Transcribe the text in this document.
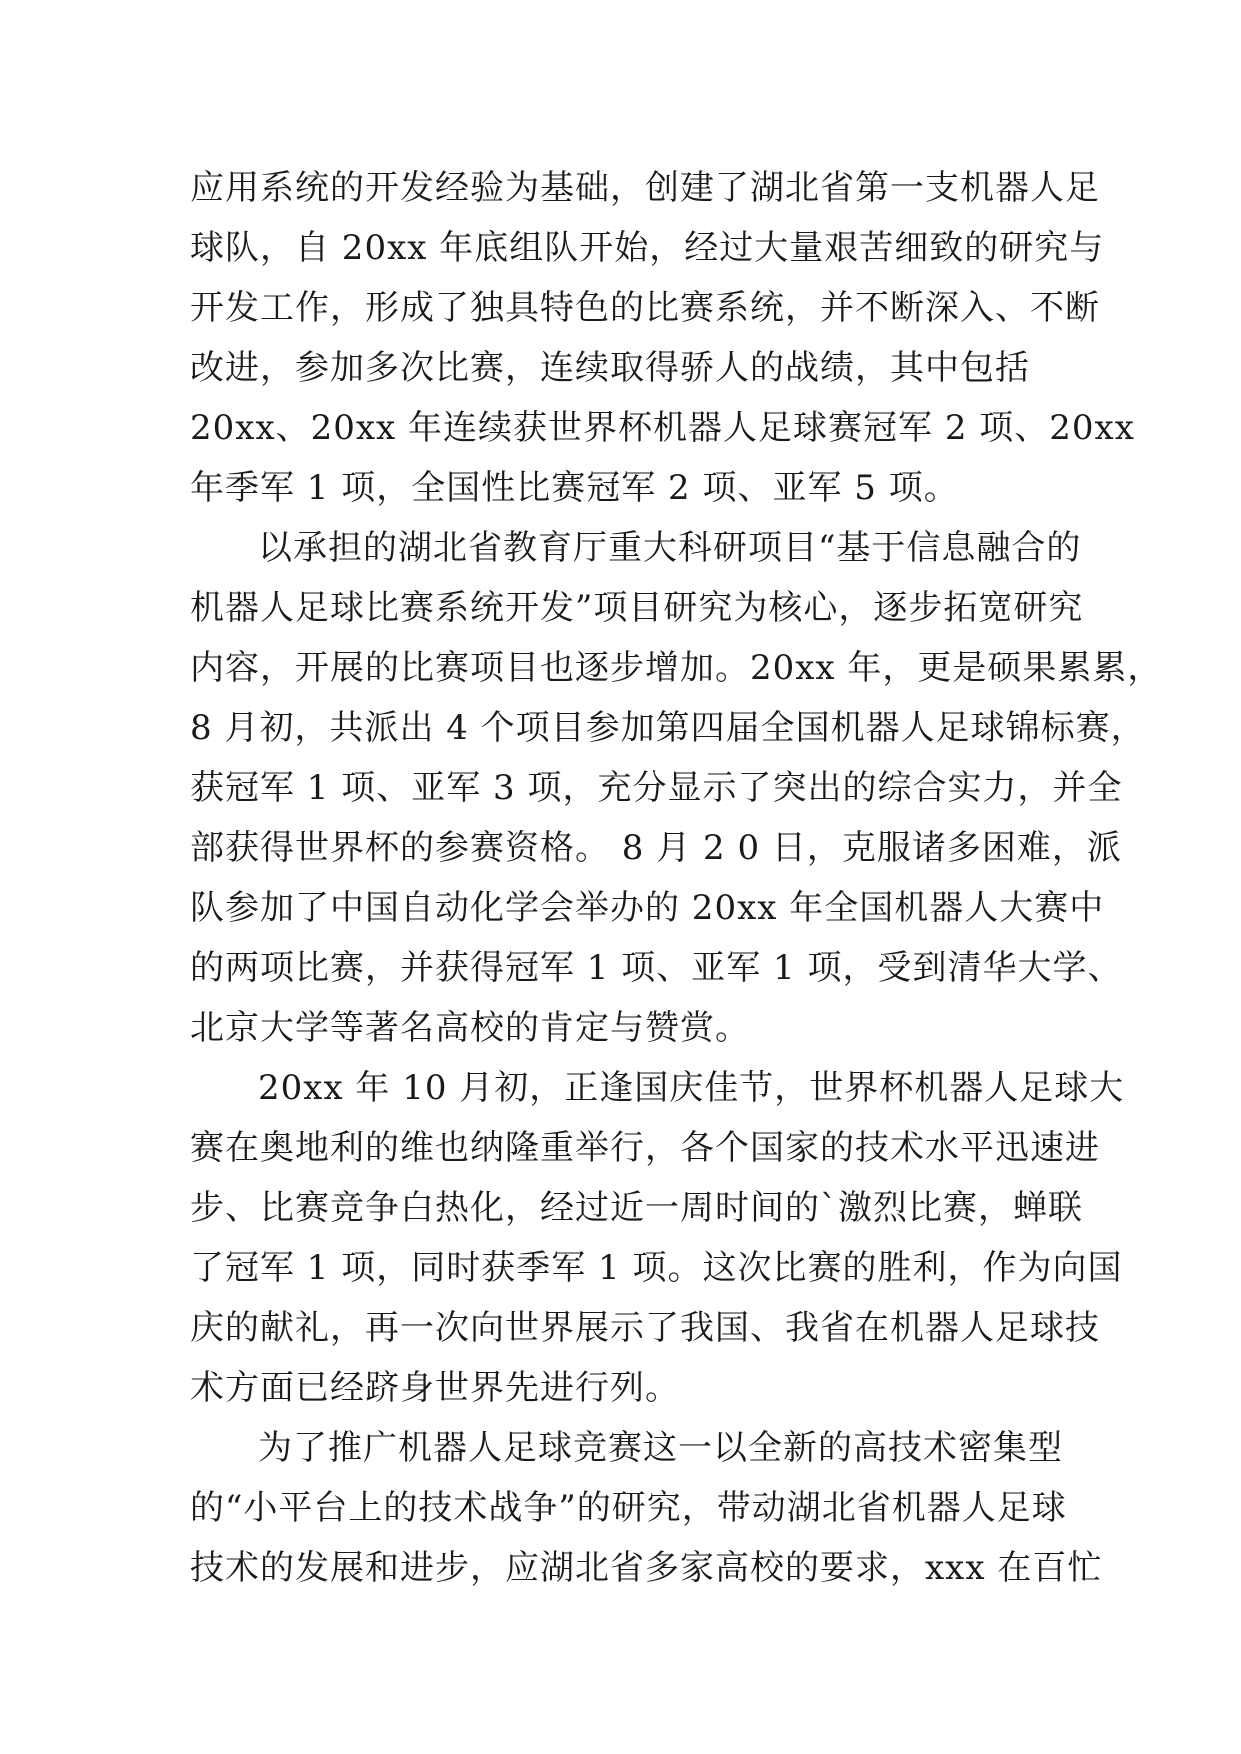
应用系统的开发经验为基础，创建了湖北省第一支机器人足
球队，自 20xx 年底组队开始，经过大量艰苦细致的研究与
开发工作，形成了独具特色的比赛系统，并不断深入、不断
改进，参加多次比赛，连续取得骄人的战绩，其中包括
20xx、20xx 年连续获世界杯机器人足球赛冠军 2 项、20xx
年季军 1 项，全国性比赛冠军 2 项、亚军 5 项。
以承担的湖北省教育厅重大科研项目“基于信息融合的
机器人足球比赛系统开发”项目研究为核心，逐步拓宽研究
内容，开展的比赛项目也逐步增加。20xx 年，更是硕果累累，
8 月初，共派出 4 个项目参加第四届全国机器人足球锦标赛，
获冠军 1 项、亚军 3 项，充分显示了突出的综合实力，并全
部获得世界杯的参赛资格。 8 月 2 0 日，克服诸多困难，派
队参加了中国自动化学会举办的 20xx 年全国机器人大赛中
的两项比赛，并获得冠军 1 项、亚军 1 项，受到清华大学、
北京大学等著名高校的肯定与赞赏。
20xx 年 10 月初，正逢国庆佳节，世界杯机器人足球大
赛在奥地利的维也纳隆重举行，各个国家的技术水平迅速进
步、比赛竞争白热化，经过近一周时间的`激烈比赛，蝉联
了冠军 1 项，同时获季军 1 项。这次比赛的胜利，作为向国
庆的献礼，再一次向世界展示了我国、我省在机器人足球技
术方面已经跻身世界先进行列。
为了推广机器人足球竞赛这一以全新的高技术密集型
的“小平台上的技术战争”的研究，带动湖北省机器人足球
技术的发展和进步，应湖北省多家高校的要求，xxx 在百忙
